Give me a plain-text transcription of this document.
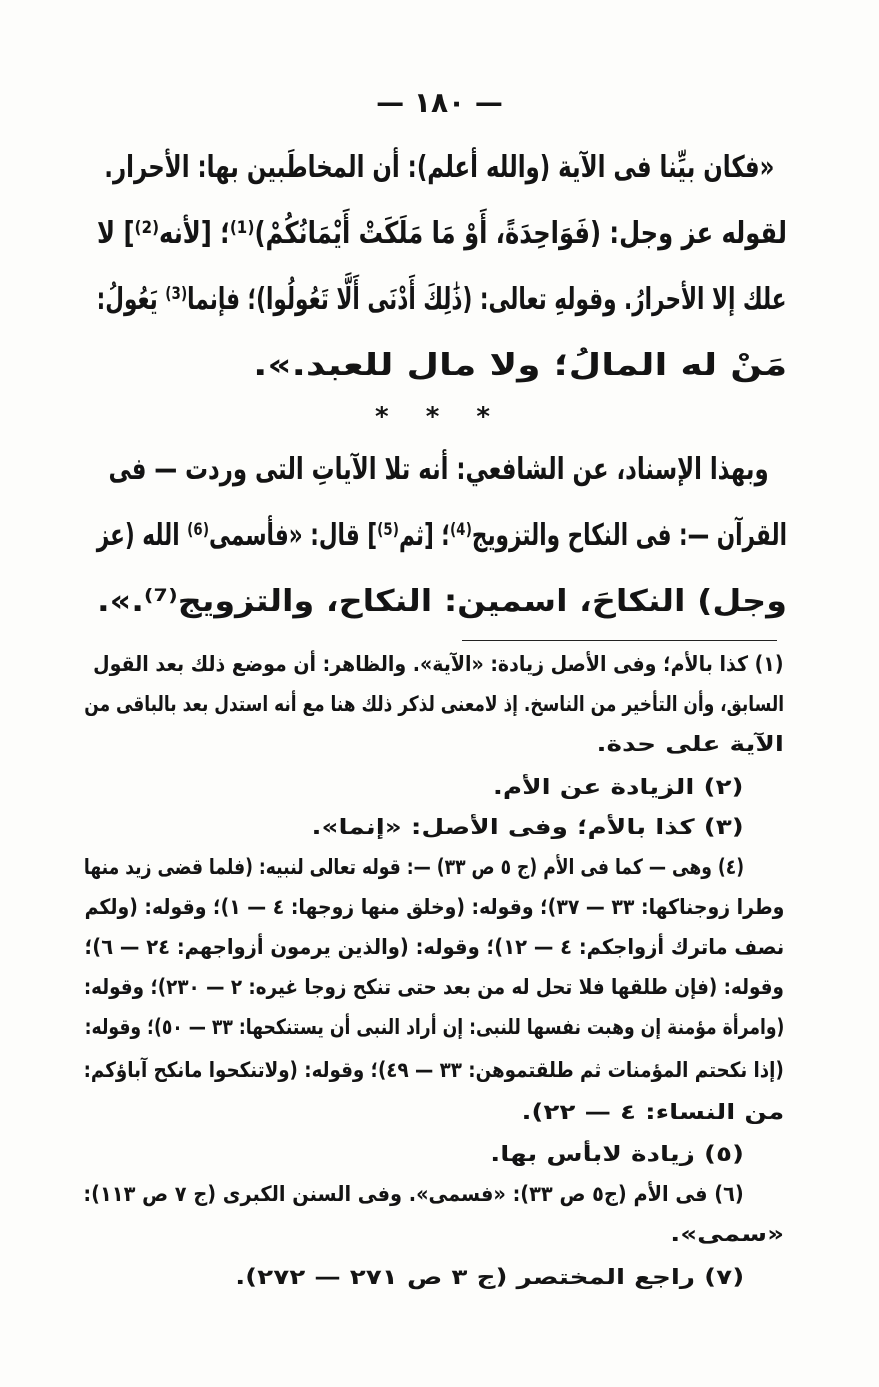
— ١٨٠ —
«فكان بيِّنا فى الآية (والله أعلم): أن المخاطَبين بها: الأحرار.
لقوله عز وجل: (فَوَاحِدَةً، أَوْ مَا مَلَكَتْ أَيْمَانُكُمْ)⁽¹⁾؛ [لأنه⁽²⁾] لا
علك إلا الأحرارُ. وقولهِ تعالى: (ذَٰلِكَ أَدْنَى أَلَّا تَعُولُوا)؛ فإنما⁽³⁾ يَعُولُ:
مَنْ له المالُ؛ ولا مال للعبد.».
* * *
وبهذا الإسناد، عن الشافعي: أنه تلا الآياتِ التى وردت — فى
القرآن —: فى النكاح والتزويج⁽⁴⁾؛ [ثم⁽⁵⁾] قال: «فأسمى⁽⁶⁾ الله (عز
وجل) النكاحَ، اسمين: النكاح، والتزويج⁽⁷⁾.».
(١) كذا بالأم؛ وفى الأصل زيادة: «الآية». والظاهر: أن موضع ذلك بعد القول
السابق، وأن التأخير من الناسخ. إذ لامعنى لذكر ذلك هنا مع أنه استدل بعد بالباقى من
الآية على حدة.
(٢) الزيادة عن الأم.
(٣) كذا بالأم؛ وفى الأصل: «إنما».
(٤) وهى — كما فى الأم (ج ٥ ص ٣٣) —: قوله تعالى لنبيه: (فلما قضى زيد منها
وطرا زوجناكها: ٣٣ — ٣٧)؛ وقوله: (وخلق منها زوجها: ٤ — ١)؛ وقوله: (ولكم
نصف ماترك أزواجكم: ٤ — ١٢)؛ وقوله: (والذين يرمون أزواجهم: ٢٤ — ٦)؛
وقوله: (فإن طلقها فلا تحل له من بعد حتى تنكح زوجا غيره: ٢ — ٢٣٠)؛ وقوله:
(وامرأة مؤمنة إن وهبت نفسها للنبى: إن أراد النبى أن يستنكحها: ٣٣ — ٥٠)؛ وقوله:
(إذا نكحتم المؤمنات ثم طلقتموهن: ٣٣ — ٤٩)؛ وقوله: (ولاتنكحوا مانكح آباؤكم:
من النساء: ٤ — ٢٢).
(٥) زيادة لابأس بها.
(٦) فى الأم (ج٥ ص ٣٣): «فسمى». وفى السنن الكبرى (ج ٧ ص ١١٣):
«سمى».
(٧) راجع المختصر (ج ٣ ص ٢٧١ — ٢٧٢).
